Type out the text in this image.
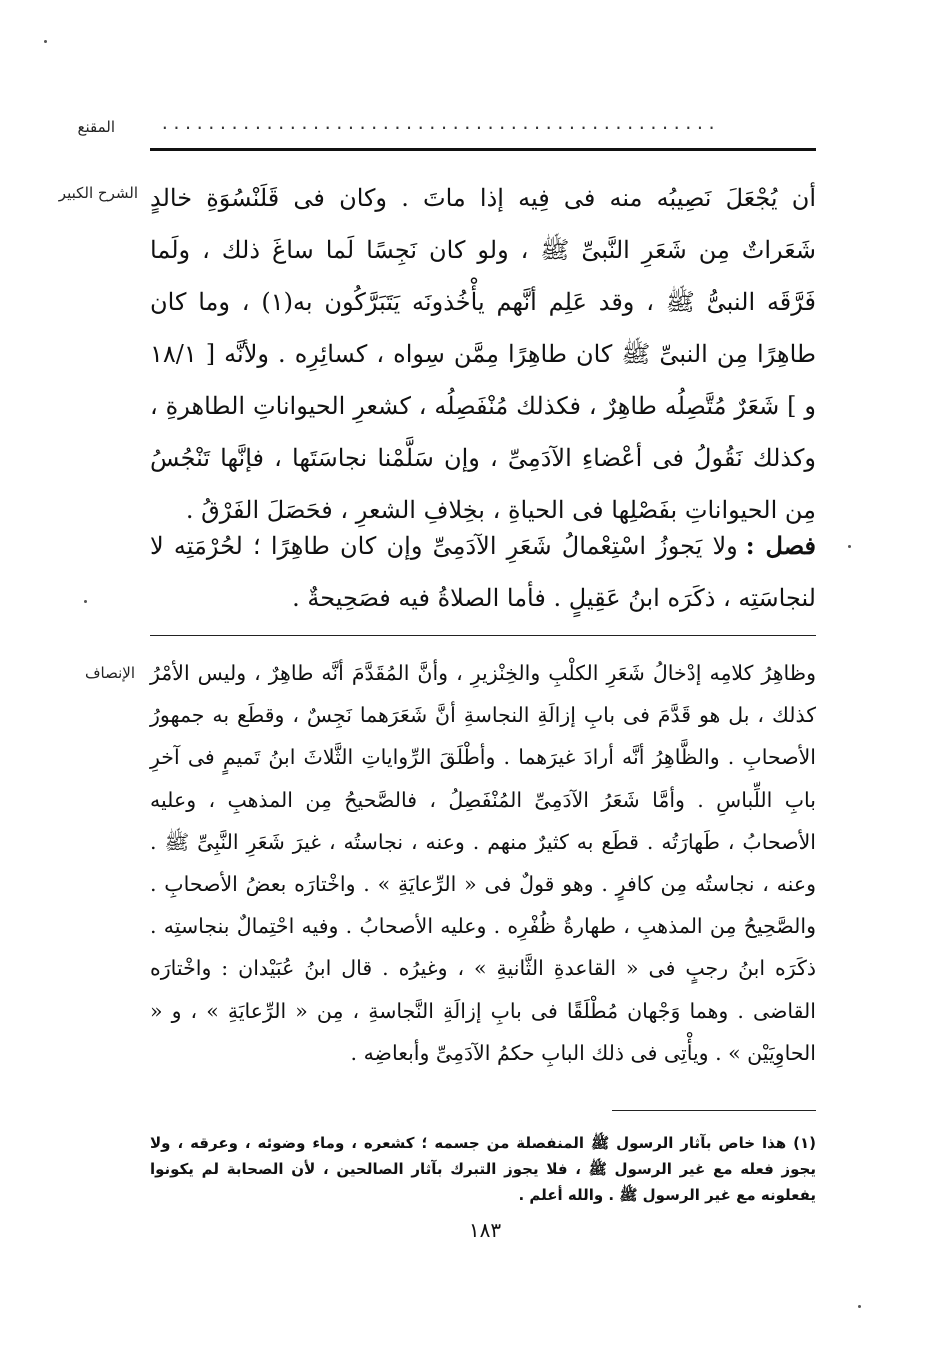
المقنع	................................................
الشرح الكبير أن يُجْعَلَ نَصِيبُه منه فى فِيه إذا ماتَ . وكان فى قَلَنْسُوَةِ خالدٍ شَعَراتٌ مِن شَعَرِ النَّبىِّ ﷺ ، ولو كان نَجِسًا لَما ساغَ ذلك ، ولَما فَرَّقَه النبىُّ ﷺ ، وقد عَلِم أنَّهم يأْخُذونَه يَتَبَرَّكُون به(١) ، وما كان طاهِرًا مِن النبىِّ ﷺ كان طاهِرًا مِمَّن سِواه ، كسائِرِه . ولأنَّه [ ١٨/١ و ] شَعَرٌ مُتَّصِلُه طاهِرٌ ، فكذلك مُنْفَصِلُه ، كشعرِ الحيواناتِ الطاهرةِ ، وكذلك نَقُولُ فى أعْضاءِ الآدَمِىِّ ، وإن سَلَّمْنا نجاسَتَها ، فإنَّها تَنْجُسُ مِن الحيواناتِ بفَصْلِها فى الحياةِ ، بخِلافِ الشعرِ ، فحَصَلَ الفَرْقُ .

فصل :ولا يَجوزُ اسْتِعْمالُ شَعَرِ الآدَمِىِّ وإن كان طاهِرًا ؛ لحُرْمَتِه لا لنجاسَتِه ، ذكَرَه ابنُ عَقِيلٍ . فأما الصلاةُ فيه فصَحِيحةٌ .

الإنصاف وظاهِرُ كلامِه إدْخالُ شَعَرِ الكلْبِ والخِنْزيرِ ، وأنَّ المُقَدَّمَ أنَّه طاهِرٌ ، وليس الأمْرُ كذلك ، بل هو قَدَّمَ فى بابِ إزالَةِ النجاسةِ أنَّ شَعَرَهما نَجِسٌ ، وقطَع به جمهورُ الأصحابِ . والظَّاهِرُ أنَّه أرادَ غيرَهما . وأطْلَقَ الرِّواياتِ الثَّلاثَ ابنُ تَميمٍ فى آخرِ بابِ اللِّباسِ . وأمَّا شَعَرُ الآدَمِىِّ المُنْفَصِلُ ، فالصَّحيحُ مِن المذهبِ ، وعليه الأصحابُ ، طَهارَتُه . قطَع به كثيرٌ منهم . وعنه ، نجاستُه ، غيرَ شَعَرِ النَّبِىِّ ﷺ . وعنه ، نجاستُه مِن كافرٍ . وهو قولٌ فى « الرِّعايَةِ » . واخْتارَه بعضُ الأصحابِ . والصَّحِيحُ مِن المذهبِ ، طهارةُ ظُفْرِه . وعليه الأصحابُ . وفيه احْتِمالٌ بنجاستِه . ذكَرَه ابنُ رجبٍ فى « القاعدةِ الثَّانيةِ » ، وغيرُه . قال ابنُ عُبَيْدان : واخْتارَه القاضى . وهما وَجْهان مُطْلَقًا فى بابِ إزالَةِ النَّجاسةِ ، مِن « الرِّعايَةِ » ، و « الحاوِيَيْن » . ويأْتِى فى ذلك البابِ حكمُ الآدَمِىِّ وأبعاضِه .

(١) هذا خاص بآثار الرسول ﷺ المنفصلة من جسمه ؛ كشعره ، وماء وضوئه ، وعرقه ، ولا يجوز فعله مع غير الرسول ﷺ ، فلا يجوز التبرك بآثار الصالحين ، لأن الصحابة لم يكونوا يفعلونه مع غير الرسول ﷺ . والله أعلم .

١٨٣
